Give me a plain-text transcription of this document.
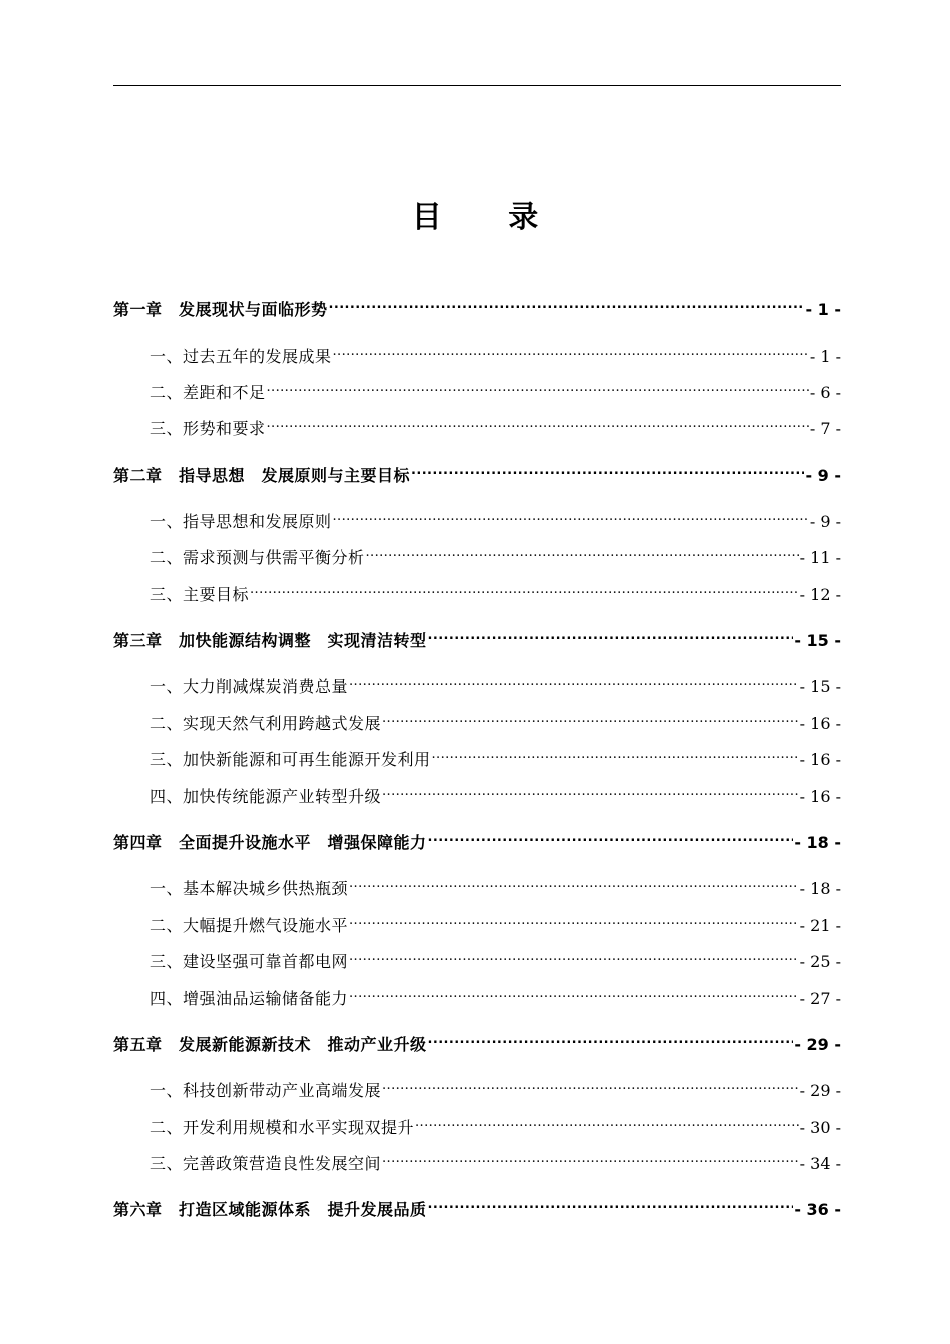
目 录
第一章　发展现状与面临形势 .....	- 1 -
一、过去五年的发展成果 .....	- 1 -
二、差距和不足 .....	- 6 -
三、形势和要求 .....	- 7 -
第二章　指导思想　发展原则与主要目标 .....	- 9 -
一、指导思想和发展原则 .....	- 9 -
二、需求预测与供需平衡分析 .....	- 11 -
三、主要目标 .....	- 12 -
第三章　加快能源结构调整　实现清洁转型 .....	- 15 -
一、大力削减煤炭消费总量 .....	- 15 -
二、实现天然气利用跨越式发展 .....	- 16 -
三、加快新能源和可再生能源开发利用 .....	- 16 -
四、加快传统能源产业转型升级 .....	- 16 -
第四章　全面提升设施水平　增强保障能力 .....	- 18 -
一、基本解决城乡供热瓶颈 .....	- 18 -
二、大幅提升燃气设施水平 .....	- 21 -
三、建设坚强可靠首都电网 .....	- 25 -
四、增强油品运输储备能力 .....	- 27 -
第五章　发展新能源新技术　推动产业升级 .....	- 29 -
一、科技创新带动产业高端发展 .....	- 29 -
二、开发利用规模和水平实现双提升 .....	- 30 -
三、完善政策营造良性发展空间 .....	- 34 -
第六章　打造区域能源体系　提升发展品质 .....	- 36 -
